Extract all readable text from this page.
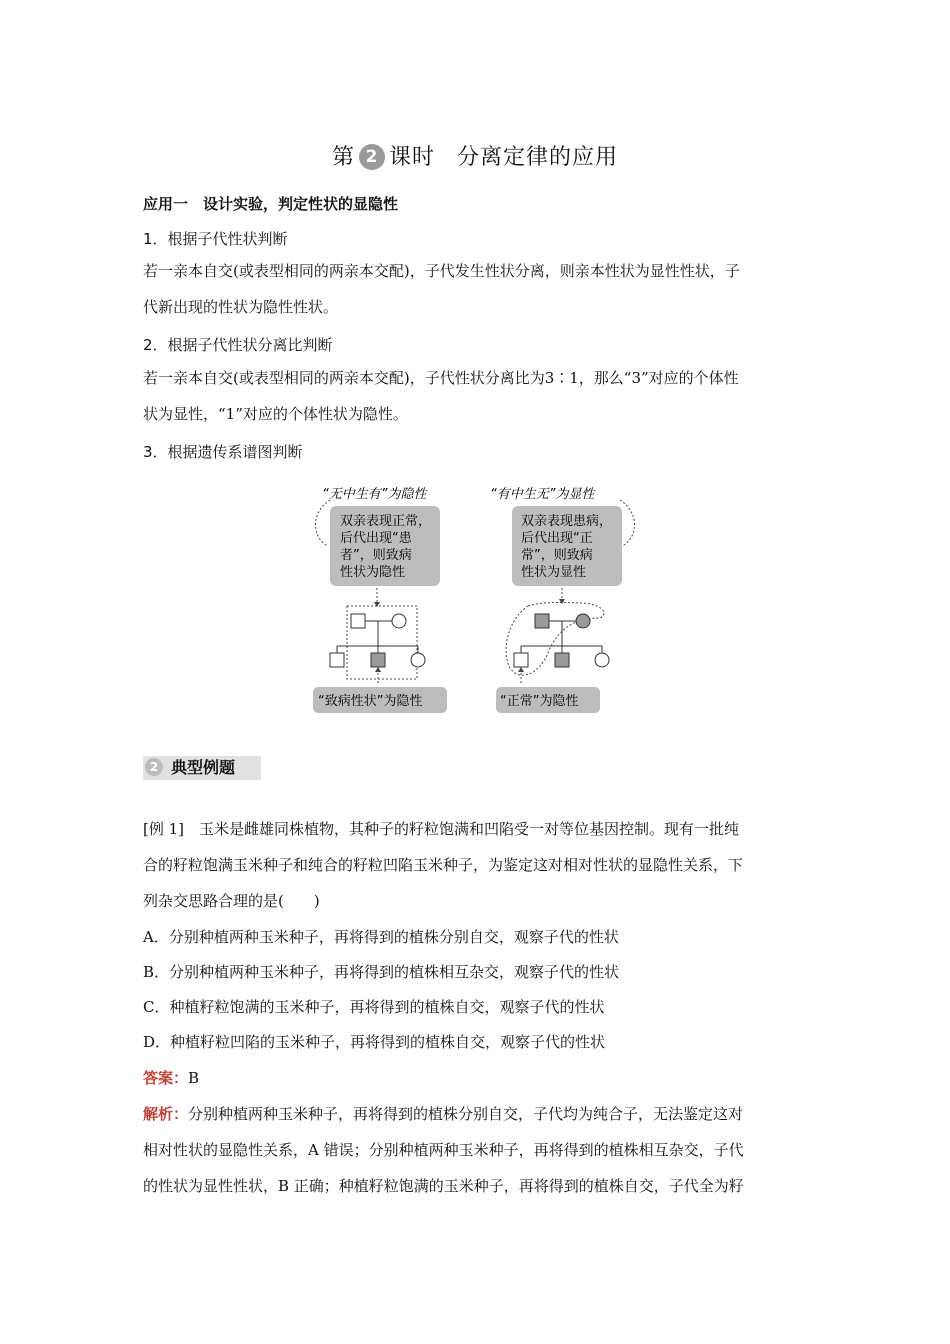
第 2 课时 分离定律的应用
应用一　设计实验，判定性状的显隐性
1．根据子代性状判断
若一亲本自交(或表型相同的两亲本交配)，子代发生性状分离，则亲本性状为显性性状，子
代新出现的性状为隐性性状。
2．根据子代性状分离比判断
若一亲本自交(或表型相同的两亲本交配)，子代性状分离比为3∶1，那么“3”对应的个体性
状为显性，“1”对应的个体性状为隐性。
3．根据遗传系谱图判断
“无中生有”为隐性
双亲表现正常，
后代出现“患
者”，则致病
性状为隐性
“致病性状”为隐性
“有中生无”为显性
双亲表现患病，
后代出现“正
常”，则致病
性状为显性
“正常”为隐性
2 典型例题
[例 1]　 玉米是雌雄同株植物，其种子的籽粒饱满和凹陷受一对等位基因控制。现有一批纯
合的籽粒饱满玉米种子和纯合的籽粒凹陷玉米种子，为鉴定这对相对性状的显隐性关系，下
列杂交思路合理的是(　　)
A．分别种植两种玉米种子，再将得到的植株分别自交，观察子代的性状
B．分别种植两种玉米种子，再将得到的植株相互杂交，观察子代的性状
C．种植籽粒饱满的玉米种子，再将得到的植株自交，观察子代的性状
D．种植籽粒凹陷的玉米种子，再将得到的植株自交，观察子代的性状
答案：B
解析：分别种植两种玉米种子，再将得到的植株分别自交，子代均为纯合子，无法鉴定这对
相对性状的显隐性关系，A 错误；分别种植两种玉米种子，再将得到的植株相互杂交，子代
的性状为显性性状，B 正确；种植籽粒饱满的玉米种子，再将得到的植株自交，子代全为籽
